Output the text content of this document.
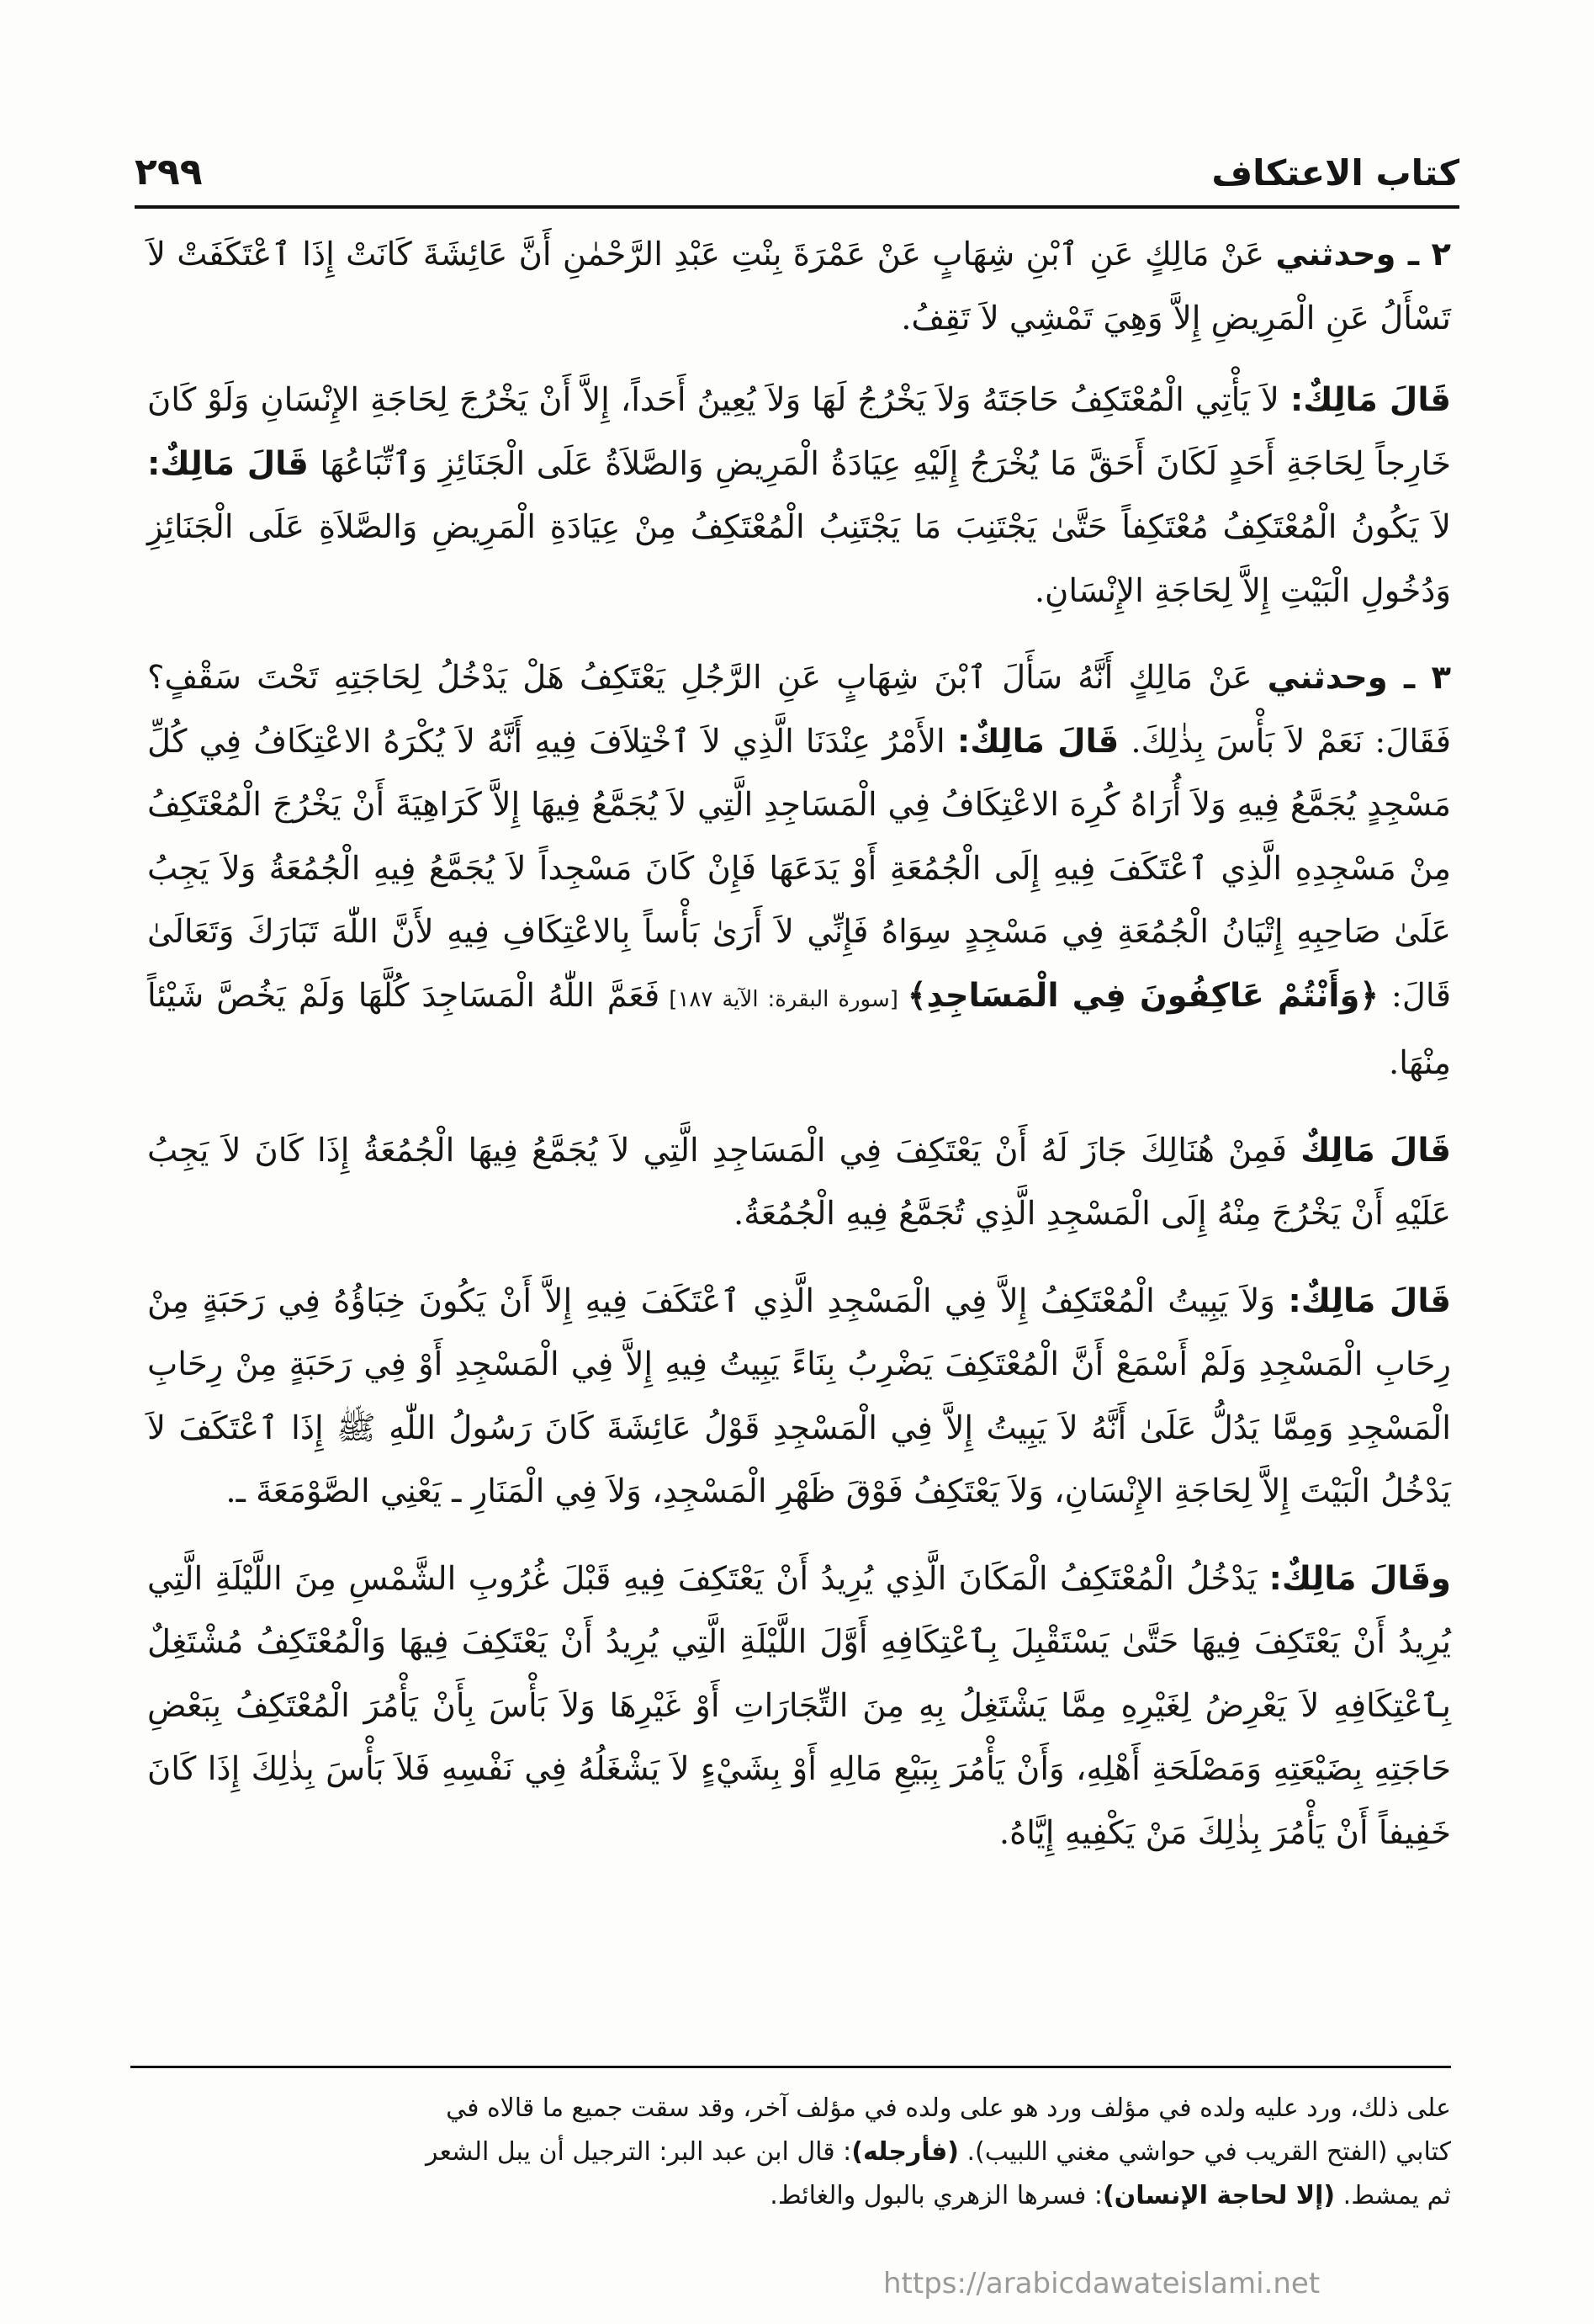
كتاب الاعتكاف
٢٩٩

٢ ـ وحدثني عَنْ مَالِكٍ عَنِ ٱبْنِ شِهَابٍ عَنْ عَمْرَةَ بِنْتِ عَبْدِ الرَّحْمٰنِ أَنَّ عَائِشَةَ كَانَتْ إِذَا ٱعْتَكَفَتْ لاَ تَسْأَلُ عَنِ الْمَرِيضِ إِلاَّ وَهِيَ تَمْشِي لاَ تَقِفُ.

قَالَ مَالِكٌ: لاَ يَأْتِي الْمُعْتَكِفُ حَاجَتَهُ وَلاَ يَخْرُجُ لَهَا وَلاَ يُعِينُ أَحَداً، إِلاَّ أَنْ يَخْرُجَ لِحَاجَةِ الإِنْسَانِ وَلَوْ كَانَ خَارِجاً لِحَاجَةِ أَحَدٍ لَكَانَ أَحَقَّ مَا يُخْرَجُ إِلَيْهِ عِيَادَةُ الْمَرِيضِ وَالصَّلاَةُ عَلَى الْجَنَائِزِ وَٱتِّبَاعُهَا قَالَ مَالِكٌ: لاَ يَكُونُ الْمُعْتَكِفُ مُعْتَكِفاً حَتَّىٰ يَجْتَنِبَ مَا يَجْتَنِبُ الْمُعْتَكِفُ مِنْ عِيَادَةِ الْمَرِيضِ وَالصَّلاَةِ عَلَى الْجَنَائِزِ وَدُخُولِ الْبَيْتِ إِلاَّ لِحَاجَةِ الإِنْسَانِ.

٣ ـ وحدثني عَنْ مَالِكٍ أَنَّهُ سَأَلَ ٱبْنَ شِهَابٍ عَنِ الرَّجُلِ يَعْتَكِفُ هَلْ يَدْخُلُ لِحَاجَتِهِ تَحْتَ سَقْفٍ؟ فَقَالَ: نَعَمْ لاَ بَأْسَ بِذٰلِكَ. قَالَ مَالِكٌ: الأَمْرُ عِنْدَنَا الَّذِي لاَ ٱخْتِلاَفَ فِيهِ أَنَّهُ لاَ يُكْرَهُ الاعْتِكَافُ فِي كُلِّ مَسْجِدٍ يُجَمَّعُ فِيهِ وَلاَ أُرَاهُ كُرِهَ الاعْتِكَافُ فِي الْمَسَاجِدِ الَّتِي لاَ يُجَمَّعُ فِيهَا إِلاَّ كَرَاهِيَةَ أَنْ يَخْرُجَ الْمُعْتَكِفُ مِنْ مَسْجِدِهِ الَّذِي ٱعْتَكَفَ فِيهِ إِلَى الْجُمُعَةِ أَوْ يَدَعَهَا فَإِنْ كَانَ مَسْجِداً لاَ يُجَمَّعُ فِيهِ الْجُمُعَةُ وَلاَ يَجِبُ عَلَىٰ صَاحِبِهِ إِتْيَانُ الْجُمُعَةِ فِي مَسْجِدٍ سِوَاهُ فَإِنِّي لاَ أَرَىٰ بَأْساً بِالاعْتِكَافِ فِيهِ لأَنَّ اللّٰهَ تَبَارَكَ وَتَعَالَىٰ قَالَ: ﴿وَأَنْتُمْ عَاكِفُونَ فِي الْمَسَاجِدِ﴾ [سورة البقرة: الآية ١٨٧] فَعَمَّ اللّٰهُ الْمَسَاجِدَ كُلَّهَا وَلَمْ يَخُصَّ شَيْئاً مِنْهَا.

قَالَ مَالِكٌ فَمِنْ هُنَالِكَ جَازَ لَهُ أَنْ يَعْتَكِفَ فِي الْمَسَاجِدِ الَّتِي لاَ يُجَمَّعُ فِيهَا الْجُمُعَةُ إِذَا كَانَ لاَ يَجِبُ عَلَيْهِ أَنْ يَخْرُجَ مِنْهُ إِلَى الْمَسْجِدِ الَّذِي تُجَمَّعُ فِيهِ الْجُمُعَةُ.

قَالَ مَالِكٌ: وَلاَ يَبِيتُ الْمُعْتَكِفُ إِلاَّ فِي الْمَسْجِدِ الَّذِي ٱعْتَكَفَ فِيهِ إِلاَّ أَنْ يَكُونَ خِبَاؤُهُ فِي رَحَبَةٍ مِنْ رِحَابِ الْمَسْجِدِ وَلَمْ أَسْمَعْ أَنَّ الْمُعْتَكِفَ يَضْرِبُ بِنَاءً يَبِيتُ فِيهِ إِلاَّ فِي الْمَسْجِدِ أَوْ فِي رَحَبَةٍ مِنْ رِحَابِ الْمَسْجِدِ وَمِمَّا يَدُلُّ عَلَىٰ أَنَّهُ لاَ يَبِيتُ إِلاَّ فِي الْمَسْجِدِ قَوْلُ عَائِشَةَ كَانَ رَسُولُ اللّٰهِ ﷺ إِذَا ٱعْتَكَفَ لاَ يَدْخُلُ الْبَيْتَ إِلاَّ لِحَاجَةِ الإِنْسَانِ، وَلاَ يَعْتَكِفُ فَوْقَ ظَهْرِ الْمَسْجِدِ، وَلاَ فِي الْمَنَارِ ـ يَعْنِي الصَّوْمَعَةَ ـ.

وقَالَ مَالِكٌ: يَدْخُلُ الْمُعْتَكِفُ الْمَكَانَ الَّذِي يُرِيدُ أَنْ يَعْتَكِفَ فِيهِ قَبْلَ غُرُوبِ الشَّمْسِ مِنَ اللَّيْلَةِ الَّتِي يُرِيدُ أَنْ يَعْتَكِفَ فِيهَا حَتَّىٰ يَسْتَقْبِلَ بِٱعْتِكَافِهِ أَوَّلَ اللَّيْلَةِ الَّتِي يُرِيدُ أَنْ يَعْتَكِفَ فِيهَا وَالْمُعْتَكِفُ مُشْتَغِلٌ بِٱعْتِكَافِهِ لاَ يَعْرِضُ لِغَيْرِهِ مِمَّا يَشْتَغِلُ بِهِ مِنَ التِّجَارَاتِ أَوْ غَيْرِهَا وَلاَ بَأْسَ بِأَنْ يَأْمُرَ الْمُعْتَكِفُ بِبَعْضِ حَاجَتِهِ بِضَيْعَتِهِ وَمَصْلَحَةِ أَهْلِهِ، وَأَنْ يَأْمُرَ بِبَيْعِ مَالِهِ أَوْ بِشَيْءٍ لاَ يَشْغَلُهُ فِي نَفْسِهِ فَلاَ بَأْسَ بِذٰلِكَ إِذَا كَانَ خَفِيفاً أَنْ يَأْمُرَ بِذٰلِكَ مَنْ يَكْفِيهِ إِيَّاهُ.

على ذلك، ورد عليه ولده في مؤلف ورد هو على ولده في مؤلف آخر، وقد سقت جميع ما قالاه في

كتابي (الفتح القريب في حواشي مغني اللبيب). (فأرجله): قال ابن عبد البر: الترجيل أن يبل الشعر

ثم يمشط. (إلا لحاجة الإنسان): فسرها الزهري بالبول والغائط.

https://arabicdawateislami.net
